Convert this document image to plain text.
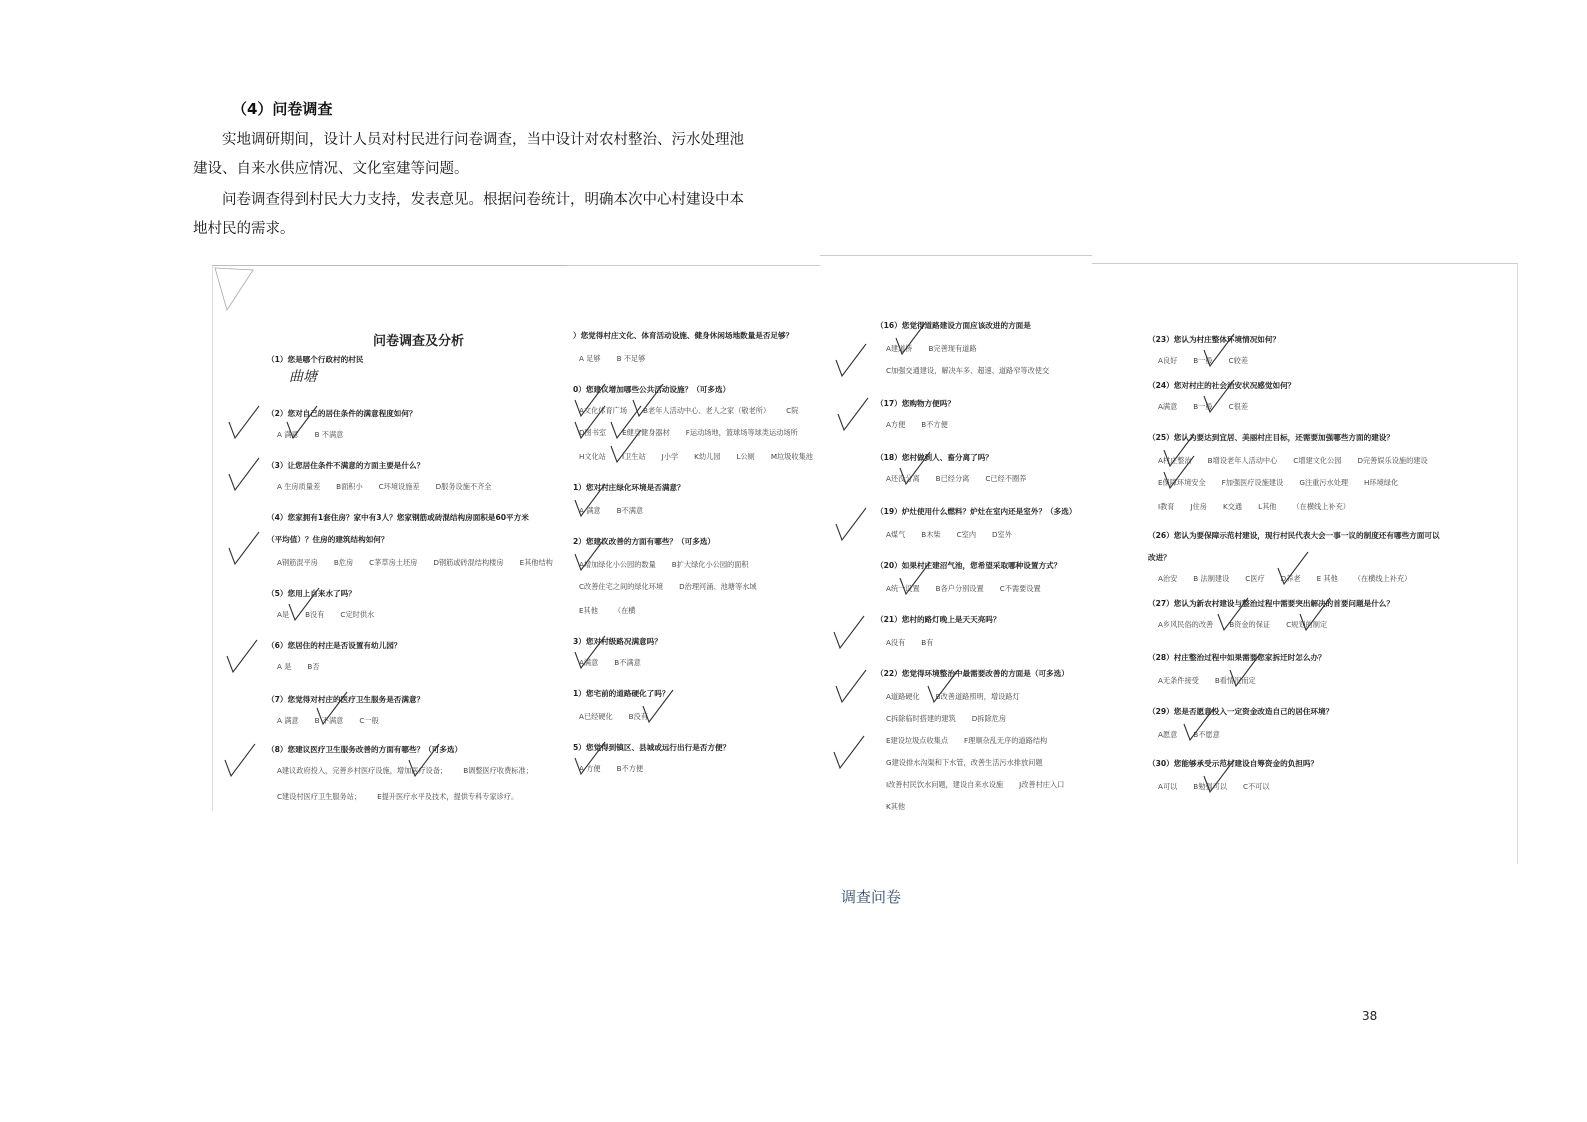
（4）问卷调查

实地调研期间，设计人员对村民进行问卷调查，当中设计对农村整治、污水处理池建设、自来水供应情况、文化室建等问题。

问卷调查得到村民大力支持，发表意见。根据问卷统计，明确本次中心村建设中本地村民的需求。

问卷调查及分析
（1）您是哪个行政村的村民
（2）您对自己的居住条件的满意程度如何？
A 满意 B 不满意
（3）让您居住条件不满意的方面主要是什么？
A 生房质量差 B面积小 C环境设施差 D服务设施不齐全
（4）您家拥有1套住房？家中有3人？您家钢筋或砖混结构房面积是60平方米
（平均值）？住房的建筑结构如何？
A钢筋混平房 B危房 C茅草房土坯房 D钢筋或砖混结构楼房 E其他结构
（5）您用上自来水了吗？
A是 B没有 C定时供水
（6）您居住的村庄是否设置有幼儿园？
A 是 B否
（7）您觉得对村庄的医疗卫生服务是否满意？
A 满意 B 不满意 C一般
（8）您建议医疗卫生服务改善的方面有哪些？（可多选）
A建议政府投入，完善乡村医疗设施，增加医疗设备； B调整医疗收费标准；
C建设村医疗卫生服务站； E提升医疗水平及技术，提供专科专家诊疗。
曲塘
）您觉得村庄文化、体育活动设施、健身休闲场地数量是否足够？
A 足够 B 不足够
0）您建议增加哪些公共活动设施？（可多选）
A文化体育广场 B老年人活动中心、老人之家（敬老所） C院
D图书室 E健身健身器材 F运动场地，篮球场等球类运动场所
H文化站 I卫生站 J小学 K幼儿园 L公厕 M垃圾收集池
1）您对村庄绿化环境是否满意？
A 满意 B不满意
2）您建议改善的方面有哪些？（可多选）
A增加绿化小公园的数量 B扩大绿化小公园的面积
C改善住宅之间的绿化环境 D治理河涌、池塘等水域
E其他 （在横
3）您对村级路况满意吗？
A满意 B不满意
1）您宅前的道路硬化了吗？
A已经硬化 B没有
5）您觉得到镇区、县城或远行出行是否方便？
A 方便 B不方便
（16）您觉得道路建设方面应该改进的方面是
A建道桥 B完善现有道路
C加强交通建设，解决车多、超速、道路窄等改使交
（17）您购物方便吗？
A方便 B不方便
（18）您村做到人、畜分离了吗？
A还没分离 B已经分离 C已经不圈养
（19）炉灶使用什么燃料？炉灶在室内还是室外？（多选）
A煤气 B木柴 C室内 D室外
（20）如果村庄建沼气池，您希望采取哪种设置方式？
A统一设置 B各户分别设置 C不需要设置
（21）您村的路灯晚上是天天亮吗？
A没有 B有
（22）您觉得环境整治中最需要改善的方面是（可多选）
A道路硬化 B改善道路照明，增设路灯
C拆除临时搭建的建筑 D拆除危房
E建设垃圾点收集点 F理顺杂乱无序的道路结构
G建设排水沟渠和下水管，改善生活污水排放问题
I改善村民饮水问题，建设自来水设施 J改善村庄入口
K其他
（23）您认为村庄整体环境情况如何？
A良好 B一般 C较差
（24）您对村庄的社会治安状况感觉如何？
A满意 B一般 C很差
（25）您认为要达到宜居、美丽村庄目标，还需要加强哪些方面的建设？
A村庄整治 B增设老年人活动中心 C增建文化公园 D完善娱乐设施的建设
E保障环境安全 F加强医疗设施建设 G注重污水处理 H环境绿化
I教育 J住房 K交通 L其他 （在横线上补充）
（26）您认为要保障示范村建设，现行村民代表大会一事一议的制度还有哪些方面可以
改进？
A治安 B 法制建设 C医疗 D养老 E 其他 （在横线上补充）
（27）您认为新农村建设与整治过程中需要突出解决的首要问题是什么？
A乡风民俗的改善 B资金的保证 C规划的制定
（28）村庄整治过程中如果需要您家拆迁时怎么办？
A无条件接受 B看情况而定
（29）您是否愿意投入一定资金改造自己的居住环境？
A愿意 B不愿意
（30）您能够承受示范村建设自筹资金的负担吗？
A可以 B勉强可以 C不可以
调查问卷
38
